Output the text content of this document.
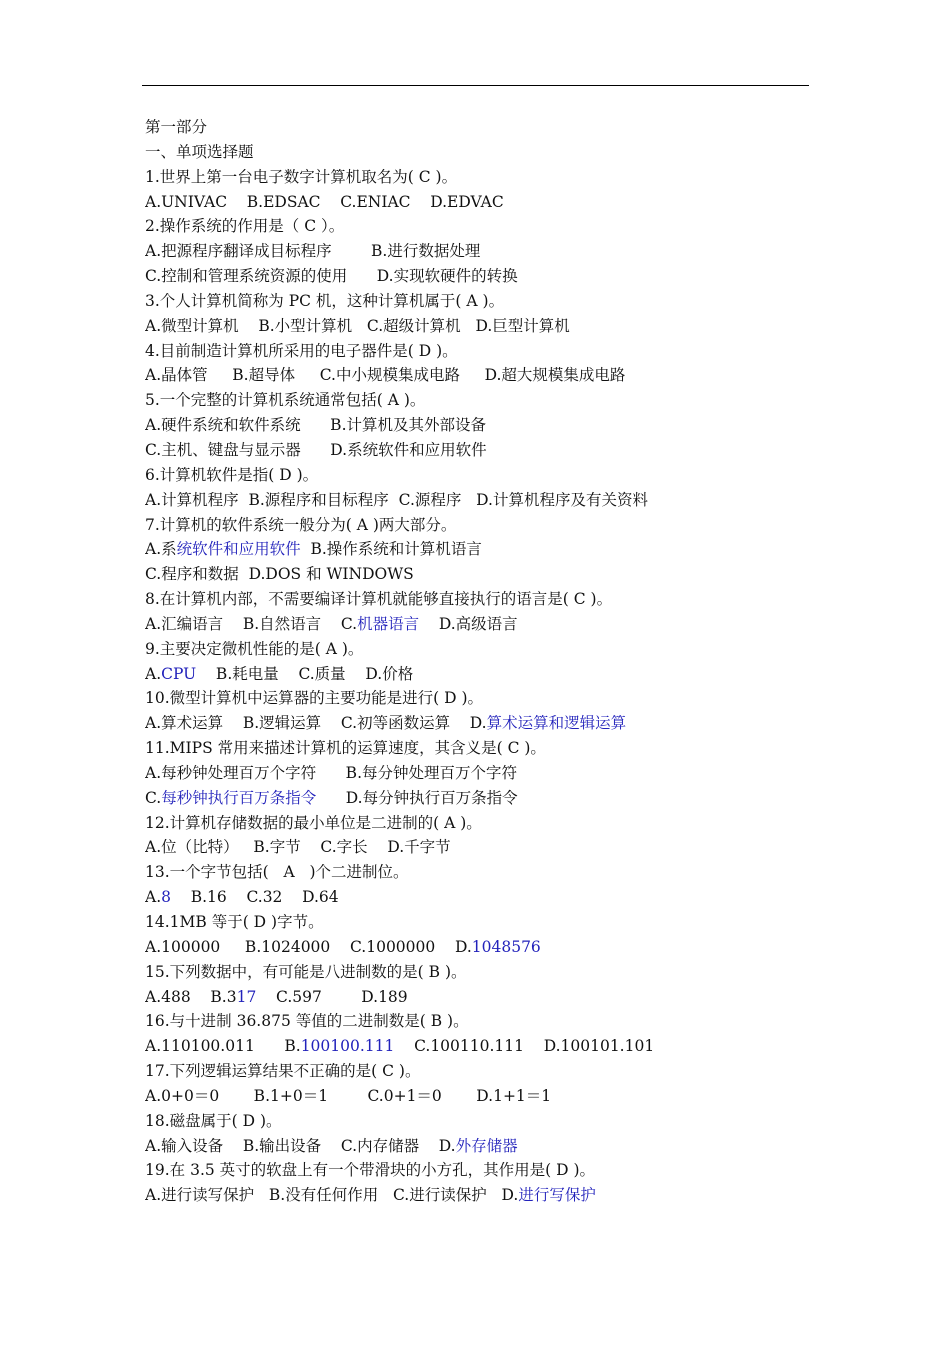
第一部分
一、单项选择题
1.世界上第一台电子数字计算机取名为( C )。
A.UNIVAC    B.EDSAC    C.ENIAC    D.EDVAC
2.操作系统的作用是（ C ）。
A.把源程序翻译成目标程序        B.进行数据处理
C.控制和管理系统资源的使用      D.实现软硬件的转换
3.个人计算机简称为 PC 机，这种计算机属于( A )。
A.微型计算机    B.小型计算机   C.超级计算机   D.巨型计算机
4.目前制造计算机所采用的电子器件是( D )。
A.晶体管     B.超导体     C.中小规模集成电路     D.超大规模集成电路
5.一个完整的计算机系统通常包括( A )。
A.硬件系统和软件系统      B.计算机及其外部设备
C.主机、键盘与显示器      D.系统软件和应用软件
6.计算机软件是指( D )。
A.计算机程序  B.源程序和目标程序  C.源程序   D.计算机程序及有关资料
7.计算机的软件系统一般分为( A )两大部分。
A.系统软件和应用软件  B.操作系统和计算机语言
C.程序和数据  D.DOS 和 WINDOWS
8.在计算机内部，不需要编译计算机就能够直接执行的语言是( C )。
A.汇编语言    B.自然语言    C.机器语言    D.高级语言
9.主要决定微机性能的是( A )。
A.CPU    B.耗电量    C.质量    D.价格
10.微型计算机中运算器的主要功能是进行( D )。
A.算术运算    B.逻辑运算    C.初等函数运算    D.算术运算和逻辑运算
11.MIPS 常用来描述计算机的运算速度，其含义是( C )。
A.每秒钟处理百万个字符      B.每分钟处理百万个字符
C.每秒钟执行百万条指令      D.每分钟执行百万条指令
12.计算机存储数据的最小单位是二进制的( A )。
A.位（比特）   B.字节    C.字长    D.千字节
13.一个字节包括(   A   )个二进制位。
A.8    B.16    C.32    D.64
14.1MB 等于( D )字节。
A.100000     B.1024000    C.1000000    D.1048576
15.下列数据中，有可能是八进制数的是( B )。
A.488    B.317    C.597        D.189
16.与十进制 36.875 等值的二进制数是( B )。
A.110100.011      B.100100.111    C.100110.111    D.100101.101
17.下列逻辑运算结果不正确的是( C )。
A.0+0＝0       B.1+0＝1        C.0+1＝0       D.1+1＝1
18.磁盘属于( D )。
A.输入设备    B.输出设备    C.内存储器    D.外存储器
19.在 3.5 英寸的软盘上有一个带滑块的小方孔，其作用是( D )。
A.进行读写保护   B.没有任何作用   C.进行读保护   D.进行写保护
